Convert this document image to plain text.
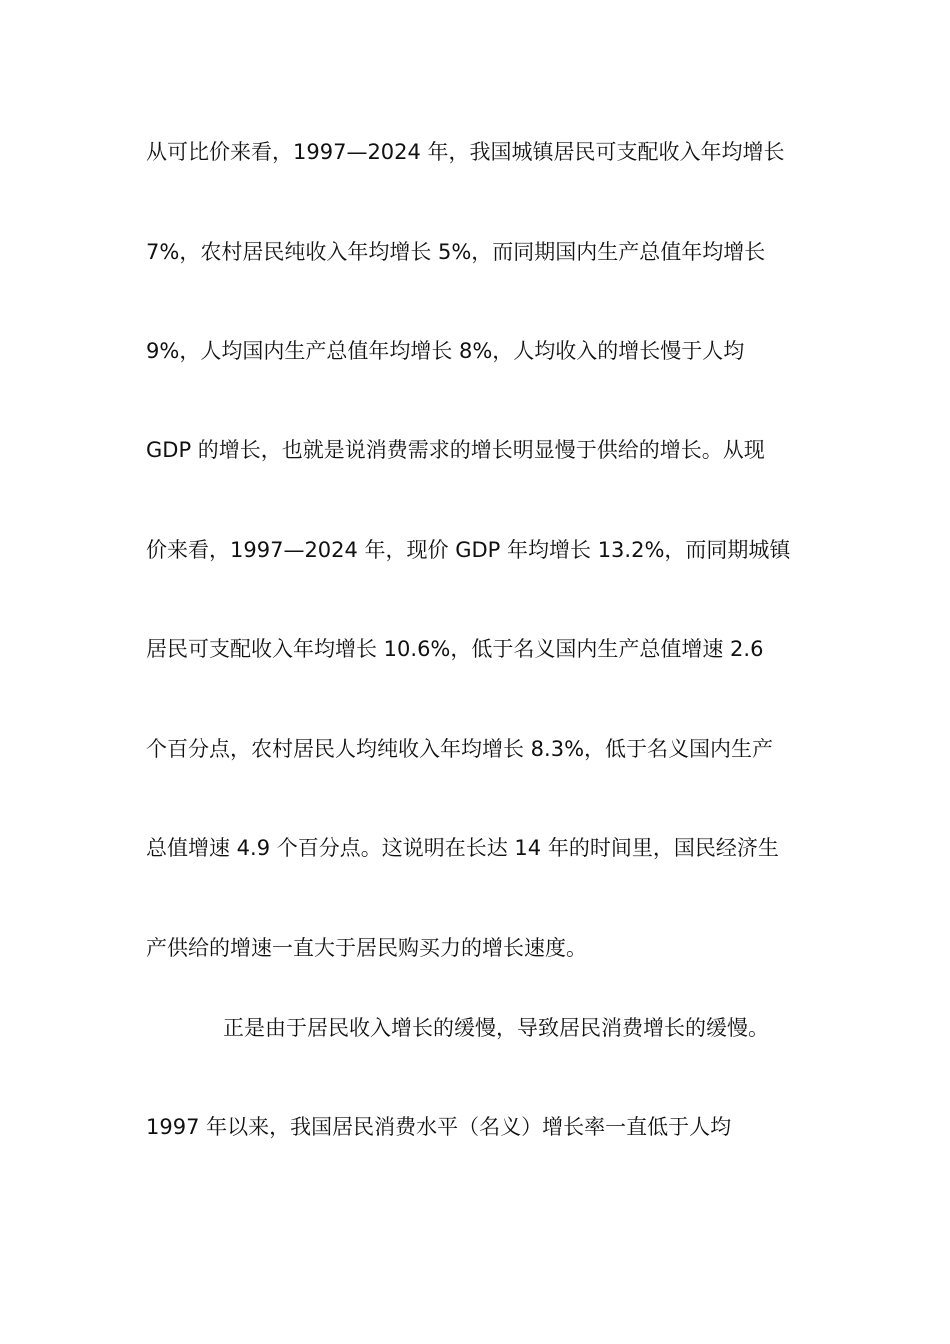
从可比价来看，1997—2024 年，我国城镇居民可支配收入年均增长
7%，农村居民纯收入年均增长 5%，而同期国内生产总值年均增长
9%，人均国内生产总值年均增长 8%，人均收入的增长慢于人均
GDP 的增长，也就是说消费需求的增长明显慢于供给的增长。从现
价来看，1997—2024 年，现价 GDP 年均增长 13.2%，而同期城镇
居民可支配收入年均增长 10.6%，低于名义国内生产总值增速 2.6
个百分点，农村居民人均纯收入年均增长 8.3%，低于名义国内生产
总值增速 4.9 个百分点。这说明在长达 14 年的时间里，国民经济生
产供给的增速一直大于居民购买力的增长速度。
正是由于居民收入增长的缓慢，导致居民消费增长的缓慢。
1997 年以来，我国居民消费水平（名义）增长率一直低于人均
